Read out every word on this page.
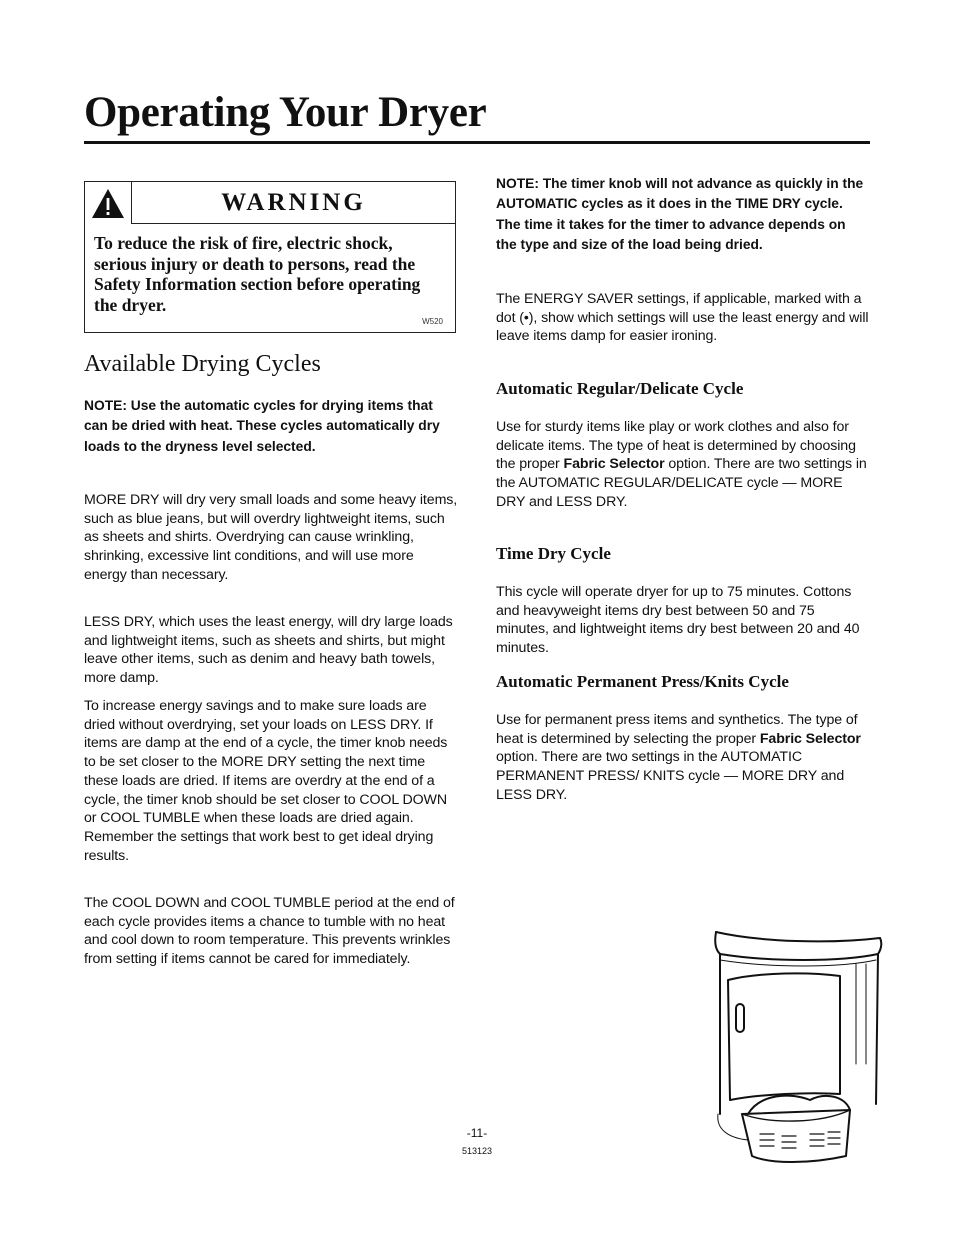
Operating Your Dryer
WARNING
To reduce the risk of fire, electric shock, serious injury or death to persons, read the Safety Information section before operating the dryer.
W520
Available Drying Cycles

NOTE: Use the automatic cycles for drying items that can be dried with heat. These cycles automatically dry loads to the dryness level selected.

MORE DRY will dry very small loads and some heavy items, such as blue jeans, but will overdry lightweight items, such as sheets and shirts. Overdrying can cause wrinkling, shrinking, excessive lint conditions, and will use more energy than necessary.

LESS DRY, which uses the least energy, will dry large loads and lightweight items, such as sheets and shirts, but might leave other items, such as denim and heavy bath towels, more damp.

To increase energy savings and to make sure loads are dried without overdrying, set your loads on LESS DRY. If items are damp at the end of a cycle, the timer knob needs to be set closer to the MORE DRY setting the next time these loads are dried. If items are overdry at the end of a cycle, the timer knob should be set closer to COOL DOWN or COOL TUMBLE when these loads are dried again. Remember the settings that work best to get ideal drying results.

The COOL DOWN and COOL TUMBLE period at the end of each cycle provides items a chance to tumble with no heat and cool down to room temperature. This prevents wrinkles from setting if items cannot be cared for immediately.

NOTE: The timer knob will not advance as quickly in the AUTOMATIC cycles as it does in the TIME DRY cycle. The time it takes for the timer to advance depends on the type and size of the load being dried.

The ENERGY SAVER settings, if applicable, marked with a dot (•), show which settings will use the least energy and will leave items damp for easier ironing.

Automatic Regular/Delicate Cycle

Use for sturdy items like play or work clothes and also for delicate items. The type of heat is determined by choosing the proper Fabric Selector option. There are two settings in the AUTOMATIC REGULAR/DELICATE cycle — MORE DRY and LESS DRY.

Time Dry Cycle

This cycle will operate dryer for up to 75 minutes. Cottons and heavyweight items dry best between 50 and 75 minutes, and lightweight items dry best between 20 and 40 minutes.

Automatic Permanent Press/Knits Cycle

Use for permanent press items and synthetics. The type of heat is determined by selecting the proper Fabric Selector option. There are two settings in the AUTOMATIC PERMANENT PRESS/ KNITS cycle — MORE DRY and LESS DRY.

-11-
513123
